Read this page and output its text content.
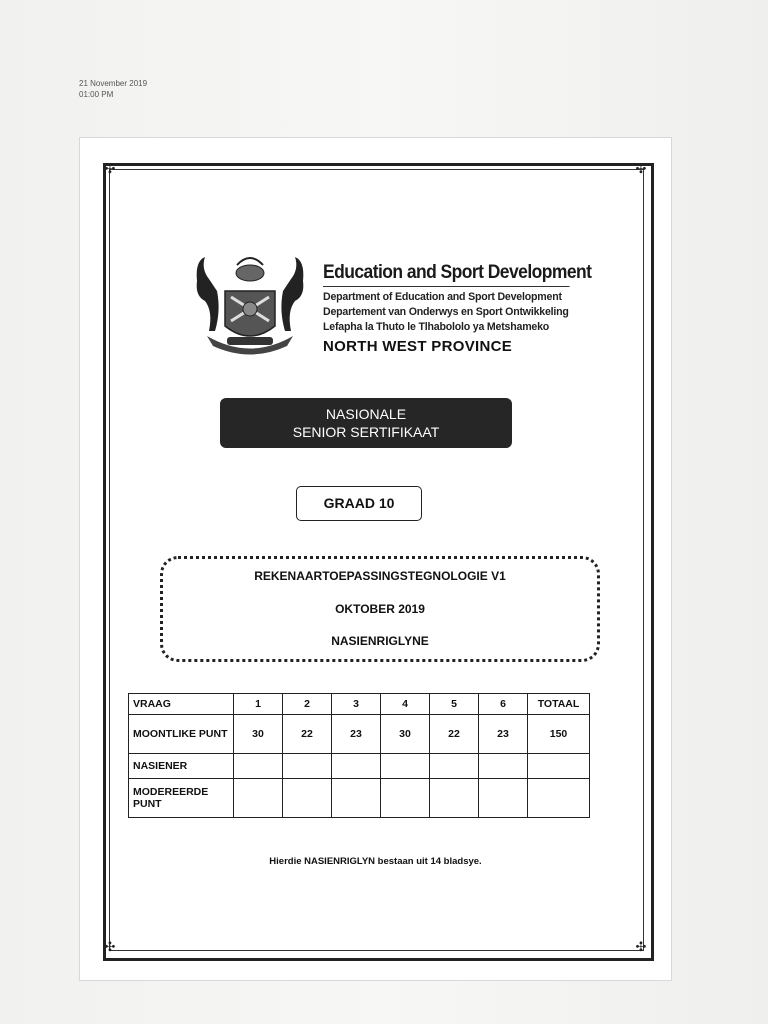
21 November 2019
01:00 PM
✣	✣
✣	✣
Education and Sport Development
Department of Education and Sport Development
Departement van Onderwys en Sport Ontwikkeling
Lefapha la Thuto le Tlhabololo ya Metshameko
NORTH WEST PROVINCE
NASIONALE
SENIOR SERTIFIKAAT
GRAAD 10
REKENAARTOEPASSINGSTEGNOLOGIE V1
OKTOBER 2019
NASIENRIGLYNE
VRAAG	1	2	3	4	5	6	TOTAAL
MOONTLIKE PUNT	30	22	23	30	22	23	150
NASIENER							
MODEREERDE PUNT							
Hierdie NASIENRIGLYN bestaan uit 14 bladsye.
